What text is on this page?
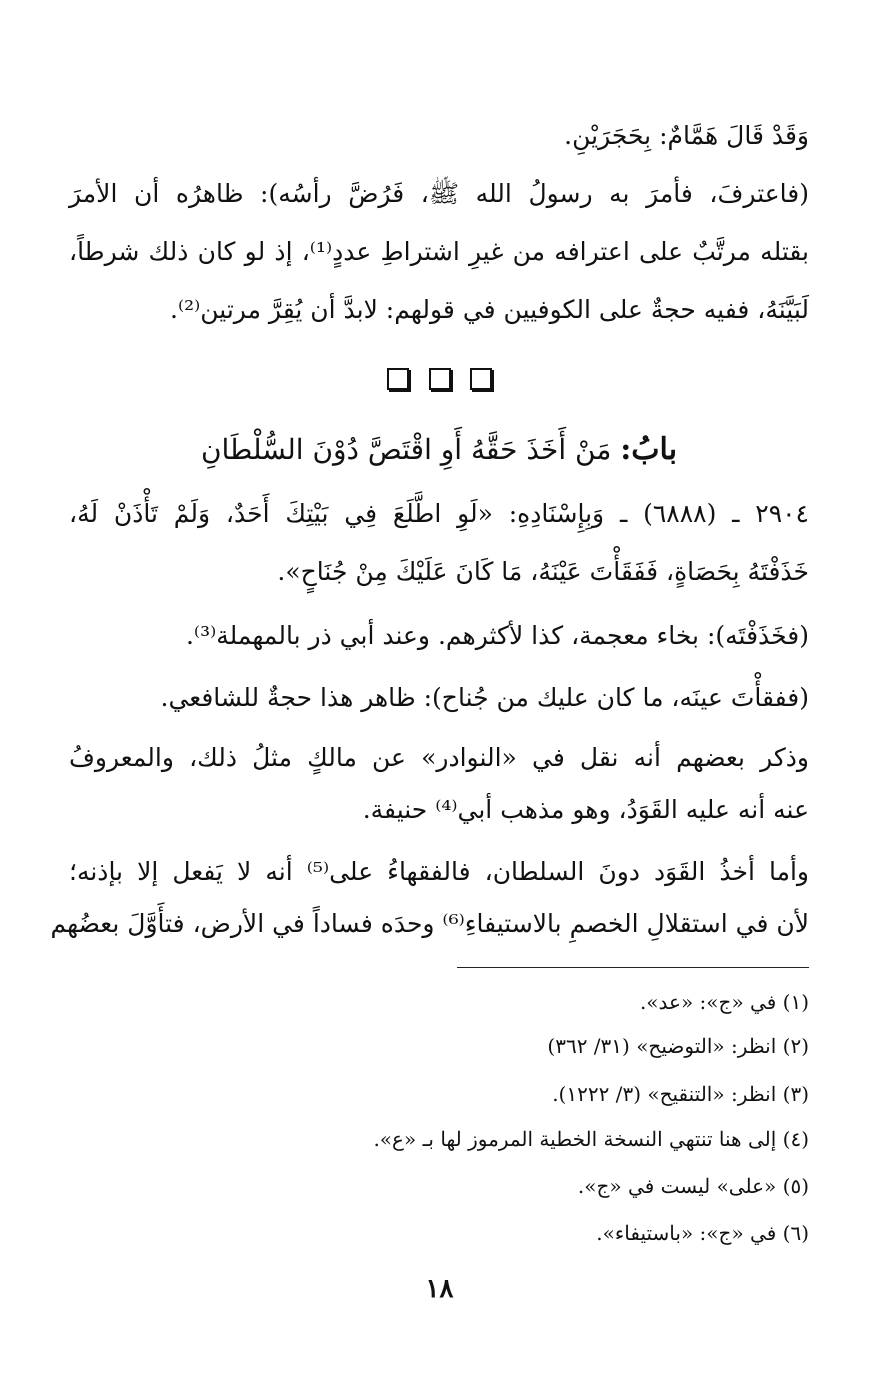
وَقَدْ قَالَ هَمَّامٌ: بِحَجَرَيْنِ.
(فاعترفَ، فأمرَ به رسولُ الله ﷺ، فَرُضَّ رأسُه): ظاهرُه أن الأمرَ
بقتله مرتَّبٌ على اعترافه من غيرِ اشتراطِ عددٍ⁽¹⁾، إذ لو كان ذلك شرطاً،
لَبَيَّنَهُ، ففيه حجةٌ على الكوفيين في قولهم: لابدَّ أن يُقِرَّ مرتين⁽²⁾.

بابُ: مَنْ أَخَذَ حَقَّهُ أَوِ اقْتَصَّ دُوْنَ السُّلْطَانِ
٢٩٠٤ ـ (٦٨٨٨) ـ وَبِإِسْنَادِهِ: «لَوِ اطَّلَعَ فِي بَيْتِكَ أَحَدٌ، وَلَمْ تَأْذَنْ لَهُ،
خَذَفْتَهُ بِحَصَاةٍ، فَفَقَأْتَ عَيْنَهُ، مَا كَانَ عَلَيْكَ مِنْ جُنَاحٍ».
(فخَذَفْتَه): بخاء معجمة، كذا لأكثرهم. وعند أبي ذر بالمهملة⁽³⁾.
(ففقأْتَ عينَه، ما كان عليك من جُناح): ظاهر هذا حجةٌ للشافعي.
وذكر بعضهم أنه نقل في «النوادر» عن مالكٍ مثلُ ذلك، والمعروفُ
عنه أنه عليه القَوَدُ، وهو مذهب أبي⁽⁴⁾ حنيفة.
وأما أخذُ القَوَد دونَ السلطان، فالفقهاءُ على⁽⁵⁾ أنه لا يَفعل إلا بإذنه؛
لأن في استقلالِ الخصمِ بالاستيفاءِ⁽⁶⁾ وحدَه فساداً في الأرض، فتأَوَّلَ بعضُهم
(١) في «ج»: «عد».
(٢) انظر: «التوضيح» (٣١/ ٣٦٢)
(٣) انظر: «التنقيح» (٣/ ١٢٢٢).
(٤) إلى هنا تنتهي النسخة الخطية المرموز لها بـ «ع».
(٥) «على» ليست في «ج».
(٦) في «ج»: «باستيفاء».
١٨
